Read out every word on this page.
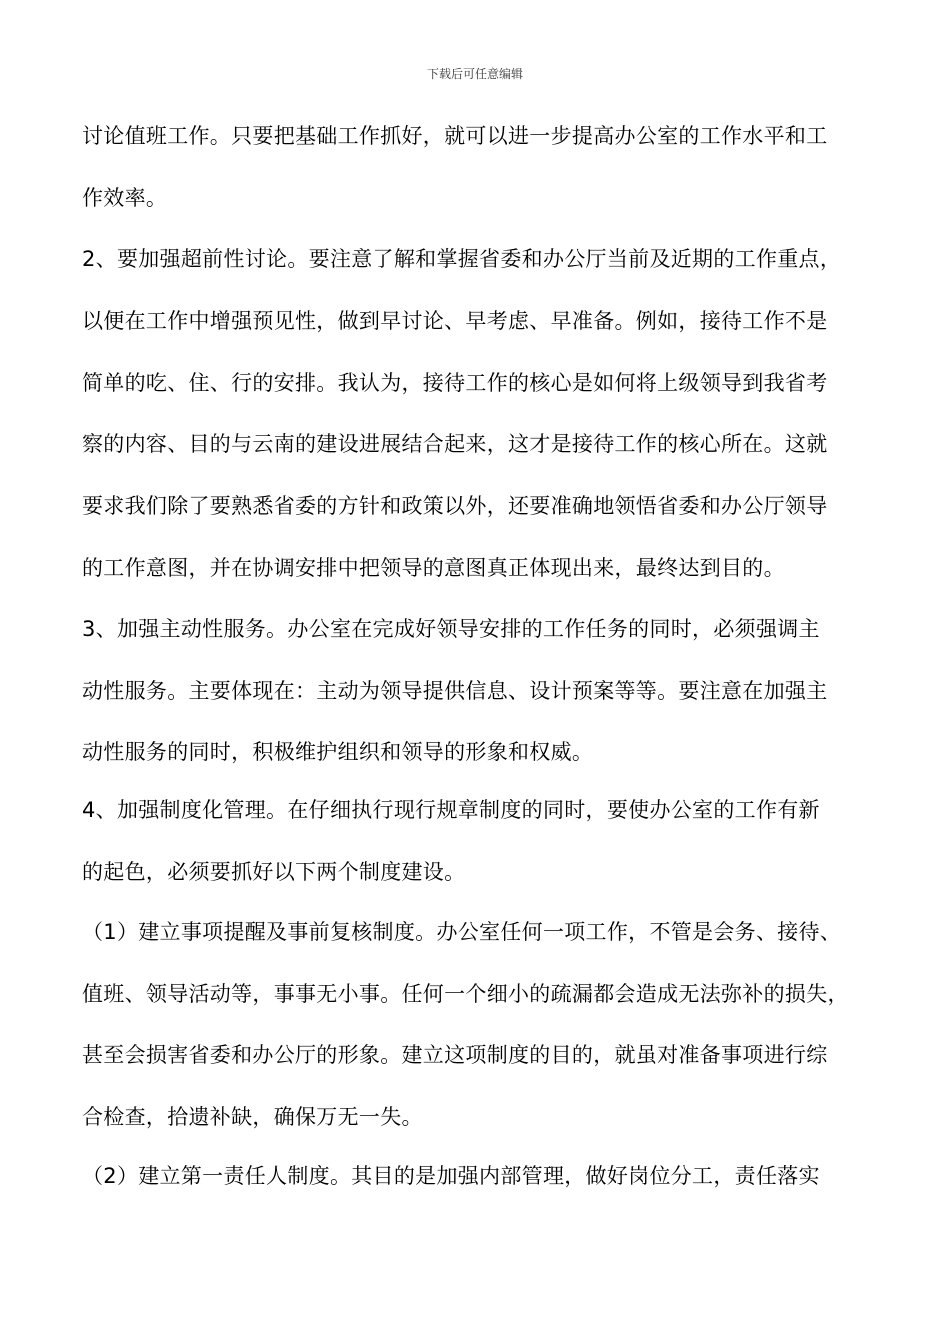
下载后可任意编辑
讨论值班工作。只要把基础工作抓好，就可以进一步提高办公室的工作水平和工
作效率。
2、要加强超前性讨论。要注意了解和掌握省委和办公厅当前及近期的工作重点，
以便在工作中增强预见性，做到早讨论、早考虑、早准备。例如，接待工作不是
简单的吃、住、行的安排。我认为，接待工作的核心是如何将上级领导到我省考
察的内容、目的与云南的建设进展结合起来，这才是接待工作的核心所在。这就
要求我们除了要熟悉省委的方针和政策以外，还要准确地领悟省委和办公厅领导
的工作意图，并在协调安排中把领导的意图真正体现出来，最终达到目的。
3、加强主动性服务。办公室在完成好领导安排的工作任务的同时，必须强调主
动性服务。主要体现在：主动为领导提供信息、设计预案等等。要注意在加强主
动性服务的同时，积极维护组织和领导的形象和权威。
4、加强制度化管理。在仔细执行现行规章制度的同时，要使办公室的工作有新
的起色，必须要抓好以下两个制度建设。
（1）建立事项提醒及事前复核制度。办公室任何一项工作，不管是会务、接待、
值班、领导活动等，事事无小事。任何一个细小的疏漏都会造成无法弥补的损失，
甚至会损害省委和办公厅的形象。建立这项制度的目的，就虽对准备事项进行综
合检查，拾遗补缺，确保万无一失。
（2）建立第一责任人制度。其目的是加强内部管理，做好岗位分工，责任落实
